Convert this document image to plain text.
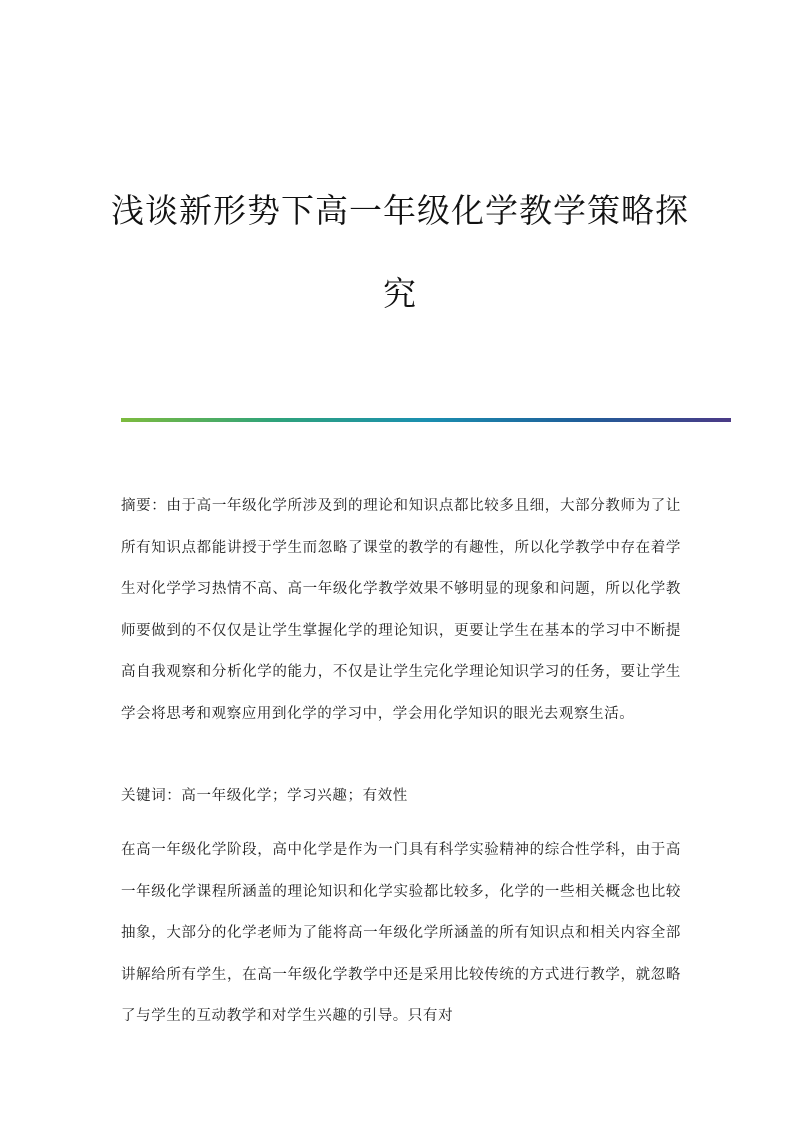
浅谈新形势下高一年级化学教学策略探
究

摘要：由于高一年级化学所涉及到的理论和知识点都比较多且细，大部分教师为了让所有知识点都能讲授于学生而忽略了课堂的教学的有趣性，所以化学教学中存在着学生对化学学习热情不高、高一年级化学教学效果不够明显的现象和问题，所以化学教师要做到的不仅仅是让学生掌握化学的理论知识，更要让学生在基本的学习中不断提高自我观察和分析化学的能力，不仅是让学生完化学理论知识学习的任务，要让学生学会将思考和观察应用到化学的学习中，学会用化学知识的眼光去观察生活。

关键词：高一年级化学；学习兴趣；有效性

在高一年级化学阶段，高中化学是作为一门具有科学实验精神的综合性学科，由于高一年级化学课程所涵盖的理论知识和化学实验都比较多，化学的一些相关概念也比较抽象，大部分的化学老师为了能将高一年级化学所涵盖的所有知识点和相关内容全部讲解给所有学生，在高一年级化学教学中还是采用比较传统的方式进行教学，就忽略了与学生的互动教学和对学生兴趣的引导。只有对
